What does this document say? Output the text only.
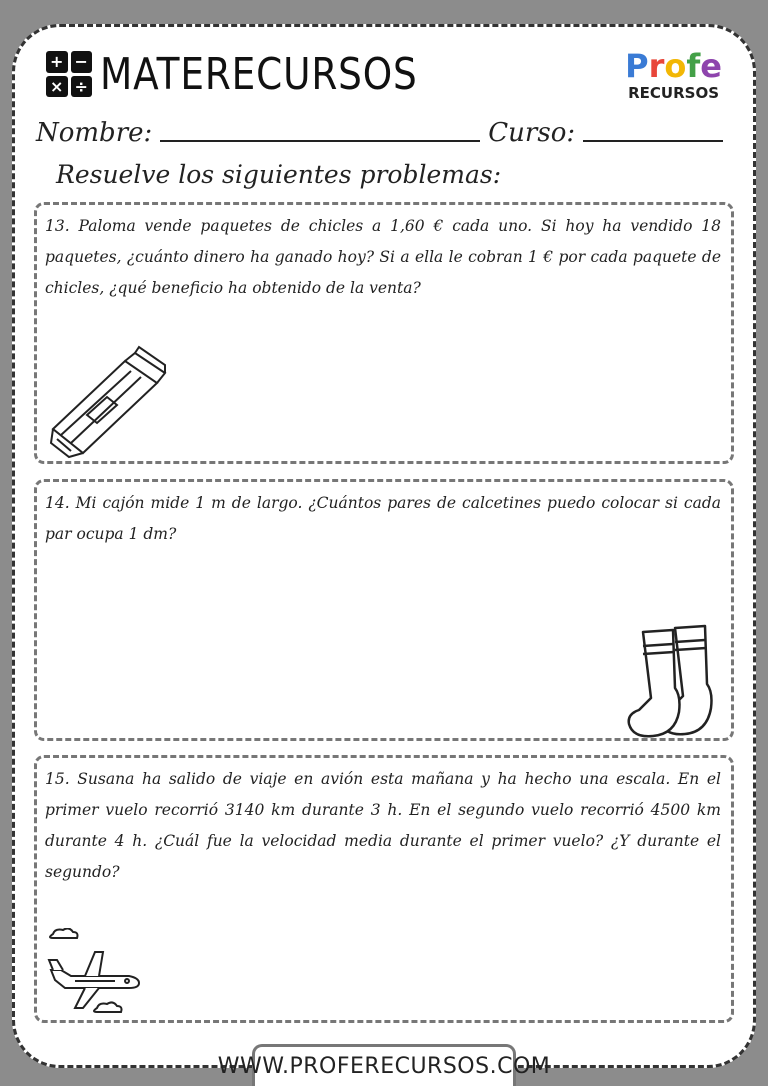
+ −
× ÷ MATERECURSOS	Profe
RECURSOS
Nombre:	Curso:
Resuelve los siguientes problemas:
13. Paloma vende paquetes de chicles a 1,60 € cada uno. Si hoy ha vendido 18 paquetes, ¿cuánto dinero ha ganado hoy? Si a ella le cobran 1 € por cada paquete de chicles, ¿qué beneficio ha obtenido de la venta?
14. Mi cajón mide 1 m de largo. ¿Cuántos pares de calcetines puedo colocar si cada par ocupa 1 dm?
15. Susana ha salido de viaje en avión esta mañana y ha hecho una escala. En el primer vuelo recorrió 3140 km durante 3 h. En el segundo vuelo recorrió 4500 km durante 4 h. ¿Cuál fue la velocidad media durante el primer vuelo? ¿Y durante el segundo?
WWW.PROFERECURSOS.COM
